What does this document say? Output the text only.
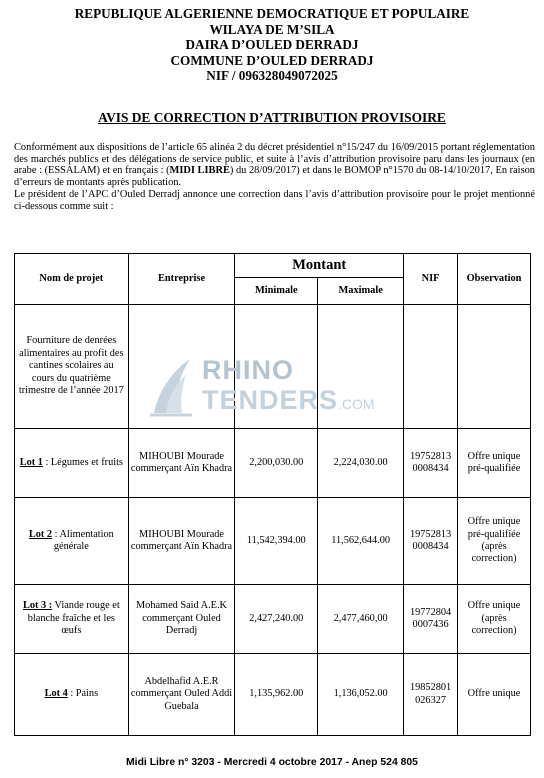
REPUBLIQUE ALGERIENNE DEMOCRATIQUE ET POPULAIRE
WILAYA DE M’SILA
DAIRA D’OULED DERRADJ
COMMUNE D’OULED DERRADJ
NIF / 096328049072025
AVIS DE CORRECTION D’ATTRIBUTION PROVISOIRE

Conformément aux dispositions de l’article 65 alinéa 2 du décret présidentiel n°15/247 du 16/09/2015 portant réglementation des marchés publics et des délégations de service public, et suite à l’avis d’attribution provisoire paru dans les journaux (en arabe : (ESSALAM) et en français : (MIDI LIBRE) du 28/09/2017) et dans le BOMOP n°1570 du 08-14/10/2017, En raison d’erreurs de montants après publication.

Le président de l’APC d’Ouled Derradj annonce une correction dans l’avis d’attribution provisoire pour le projet mentionné ci-dessous comme suit :

Nom de projet	Entreprise	Montant		NIF	Observation
		Minimale	Maximale		
Fourniture de denrées alimentaires au profit des cantines scolaires au cours du quatrième trimestre de l’année 2017					
Lot 1 : Légumes et fruits	MIHOUBI Mourade commerçant Aïn Khadra	2,200,030.00	2,224,030.00	19752813 0008434	Offre unique pré-qualifiée
Lot 2 : Alimentation générale	MIHOUBI Mourade commerçant Aïn Khadra	11,542,394.00	11,562,644.00	19752813 0008434	Offre unique pré-qualifiée (après correction)
Lot 3 : Viande rouge et blanche fraîche et les œufs	Mohamed Said A.E.K commerçant Ouled Derradj	2,427,240.00	2,477,460,00	19772804 0007436	Offre unique (après correction)
Lot 4 : Pains	Abdelhafid A.E.R commerçant Ouled Addi Guebala	1,135,962.00	1,136,052.00	19852801 026327	Offre unique
RHINO
TENDERS.COM
Midi Libre n° 3203 - Mercredi 4 octobre 2017 - Anep 524 805
